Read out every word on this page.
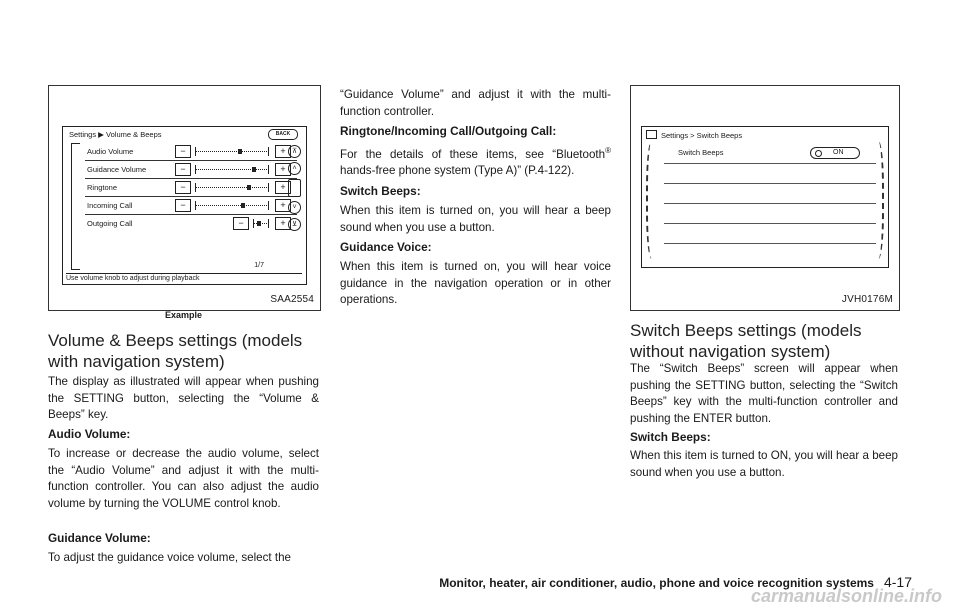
Settings ▶ Volume & Beeps	BACK
Audio Volume	−	+
Guidance Volume	−	+
Ringtone	−	+
Incoming Call	−	+
Outgoing Call	−	+
⊼
˄
˅
⊻
1/7
Use volume knob to adjust during playback
SAA2554
Example
Volume & Beeps settings (models with navigation system)

The display as illustrated will appear when pushing the SETTING button, selecting the “Volume & Beeps” key.

Audio Volume:

To increase or decrease the audio volume, select the “Audio Volume” and adjust it with the multi-function controller. You can also adjust the audio volume by turning the VOLUME control knob.

Guidance Volume:

To adjust the guidance voice volume, select the

“Guidance Volume” and adjust it with the multi-function controller.

Ringtone/Incoming Call/Outgoing Call:

For the details of these items, see “Bluetooth® hands-free phone system (Type A)” (P.4-122).

Switch Beeps:

When this item is turned on, you will hear a beep sound when you use a button.

Guidance Voice:

When this item is turned on, you will hear voice guidance in the navigation operation or in other operations.

Settings > Switch Beeps
Switch Beeps	ON
JVH0176M
Switch Beeps settings (models without navigation system)

The “Switch Beeps” screen will appear when pushing the SETTING button, selecting the “Switch Beeps” key with the multi-function controller and pushing the ENTER button.

Switch Beeps:

When this item is turned to ON, you will hear a beep sound when you use a button.

Monitor, heater, air conditioner, audio, phone and voice recognition systems 4-17
carmanualsonline.info
